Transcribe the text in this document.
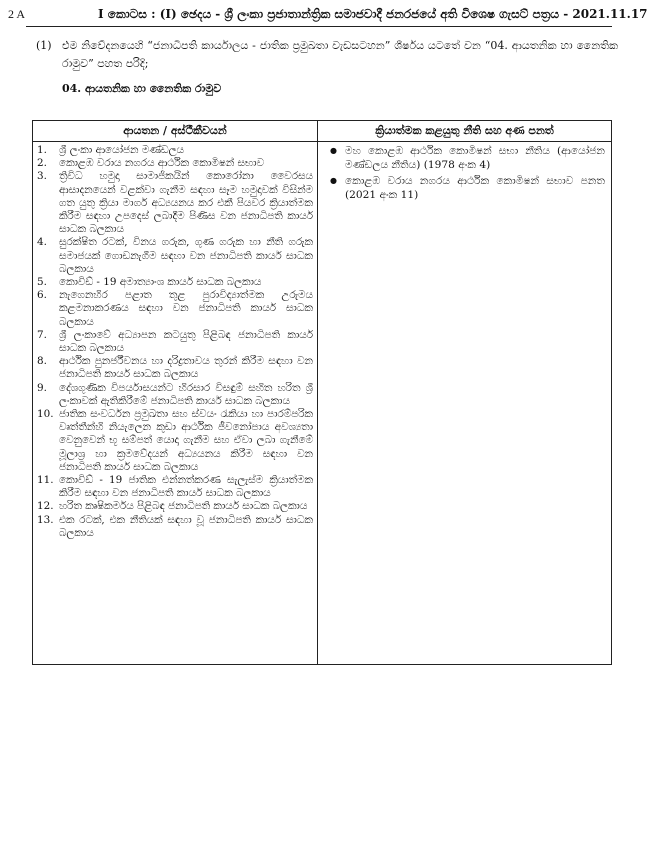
2 A	I කොටස : (I) ඡෙදය - ශ්‍රී ලංකා ප්‍රජාතාන්ත්‍රික සමාජවාදී ජනරජයේ අති විශෙෂ ගැසට් පත්‍රය - 2021.11.17
(1) එම නිවේදනයෙහි “ජනාධිපති කාර්යාලය - ජාතික ප්‍රමුඛතා වැඩසටහන” ශීර්ෂය යටතේ වන “04. ආයතනික හා නෛතික රාමුව” පහත පරිදි;
04. ආයතනික හා නෛතික රාමුව
ආයතන / අස්ථීකීවයන්	ක්‍රියාත්මක කළයුතු නීති සහ අණ පනත්
1. ශ්‍රී ලංකා ආයෝජන මණ්ඩලය
2. කොළඹ වරාය නගරය ආර්ථික කොමිෂන් සභාව
3. ත්‍රිවිධ හමුදා සාමාජිකයින් කොරෝනා වෛරසය ආසාදනයෙන් වළක්වා ගැනීම සඳහා සෑම හමුදාවක් විසින්ම ගත යුතු ක්‍රියා මාර්ග අධ්‍යයනය කර එකී පියවර ක්‍රියාත්මක කිරීම සඳහා උපදෙස් ලබාදීම පිණිස වන ජනාධිපති කාර්ය සාධක බලකාය
4. සුරක්ෂිත රටක්, විනය ගරුක, ගුණ ගරුක හා නීති ගරුක සමාජයක් ගොඩනැගීම සඳහා වන ජනාධිපති කාර්ය සාධක බලකාය
5. කොවිඩ් - 19 අමාත්‍යාංශ කාර්ය සාධක බලකාය
6. නැගෙනහිර පළාත තුළ පුරාවිද්‍යාත්මක උරුමය කළමනාකරණය සඳහා වන ජනාධිපති කාර්ය සාධක බලකාය
7. ශ්‍රී ලංකාවේ අධ්‍යාපන කටයුතු පිළිබඳ ජනාධිපති කාර්ය සාධක බලකාය
8. ආර්ථික පුනර්ජීවනය හා දරිද්‍රතාවය තුරන් කිරීම සඳහා වන ජනාධිපති කාර්ය සාධක බලකාය
9. දේශගුණික විපර්යාසයන්ට හිරසාර විසඳුම් සහිත හරිත ශ්‍රී ලංකාවක් ඇතිකිරීමේ ජනාධිපති කාර්ය සාධක බලකාය
10. ජාතික සංවර්ධන ප්‍රමුඛතා සහ ස්වයං රැකියා හා පාරම්පරික වෘත්තීන්හි නියැලෙන කුඩා ආර්ථික ජීවනෝපාය අවශ්‍යතා වෙනුවෙන් භූ සම්පත් යොදා ගැනීම සහ ඒවා ලබා ගැනීමේ මූලාශ්‍ර හා ක්‍රමවේදයන් අධ්‍යයනය කිරීම සඳහා වන ජනාධිපති කාර්ය සාධක බලකාය
11. කොවිඩ් - 19 ජාතික එන්නත්කරණ සැලැස්ම ක්‍රියාත්මක කිරීම සඳහා වන ජනාධිපති කාර්ය සාධක බලකාය
12. හරිත කෘෂිකර්මය පිළිබඳ ජනාධිපති කාර්ය සාධක බලකාය
13. එක රටක්, එක නීතියක් සඳහා වූ ජනාධිපති කාර්ය සාධක බලකාය
● මහ කොළඹ ආර්ථික කොමිෂන් සභා නීතිය (ආයෝජන මණ්ඩලය නීතිය) (1978 අංක 4)
● කොළඹ වරාය නගරය ආර්ථික කොමිෂන් සභාව පනත (2021 අංක 11)
